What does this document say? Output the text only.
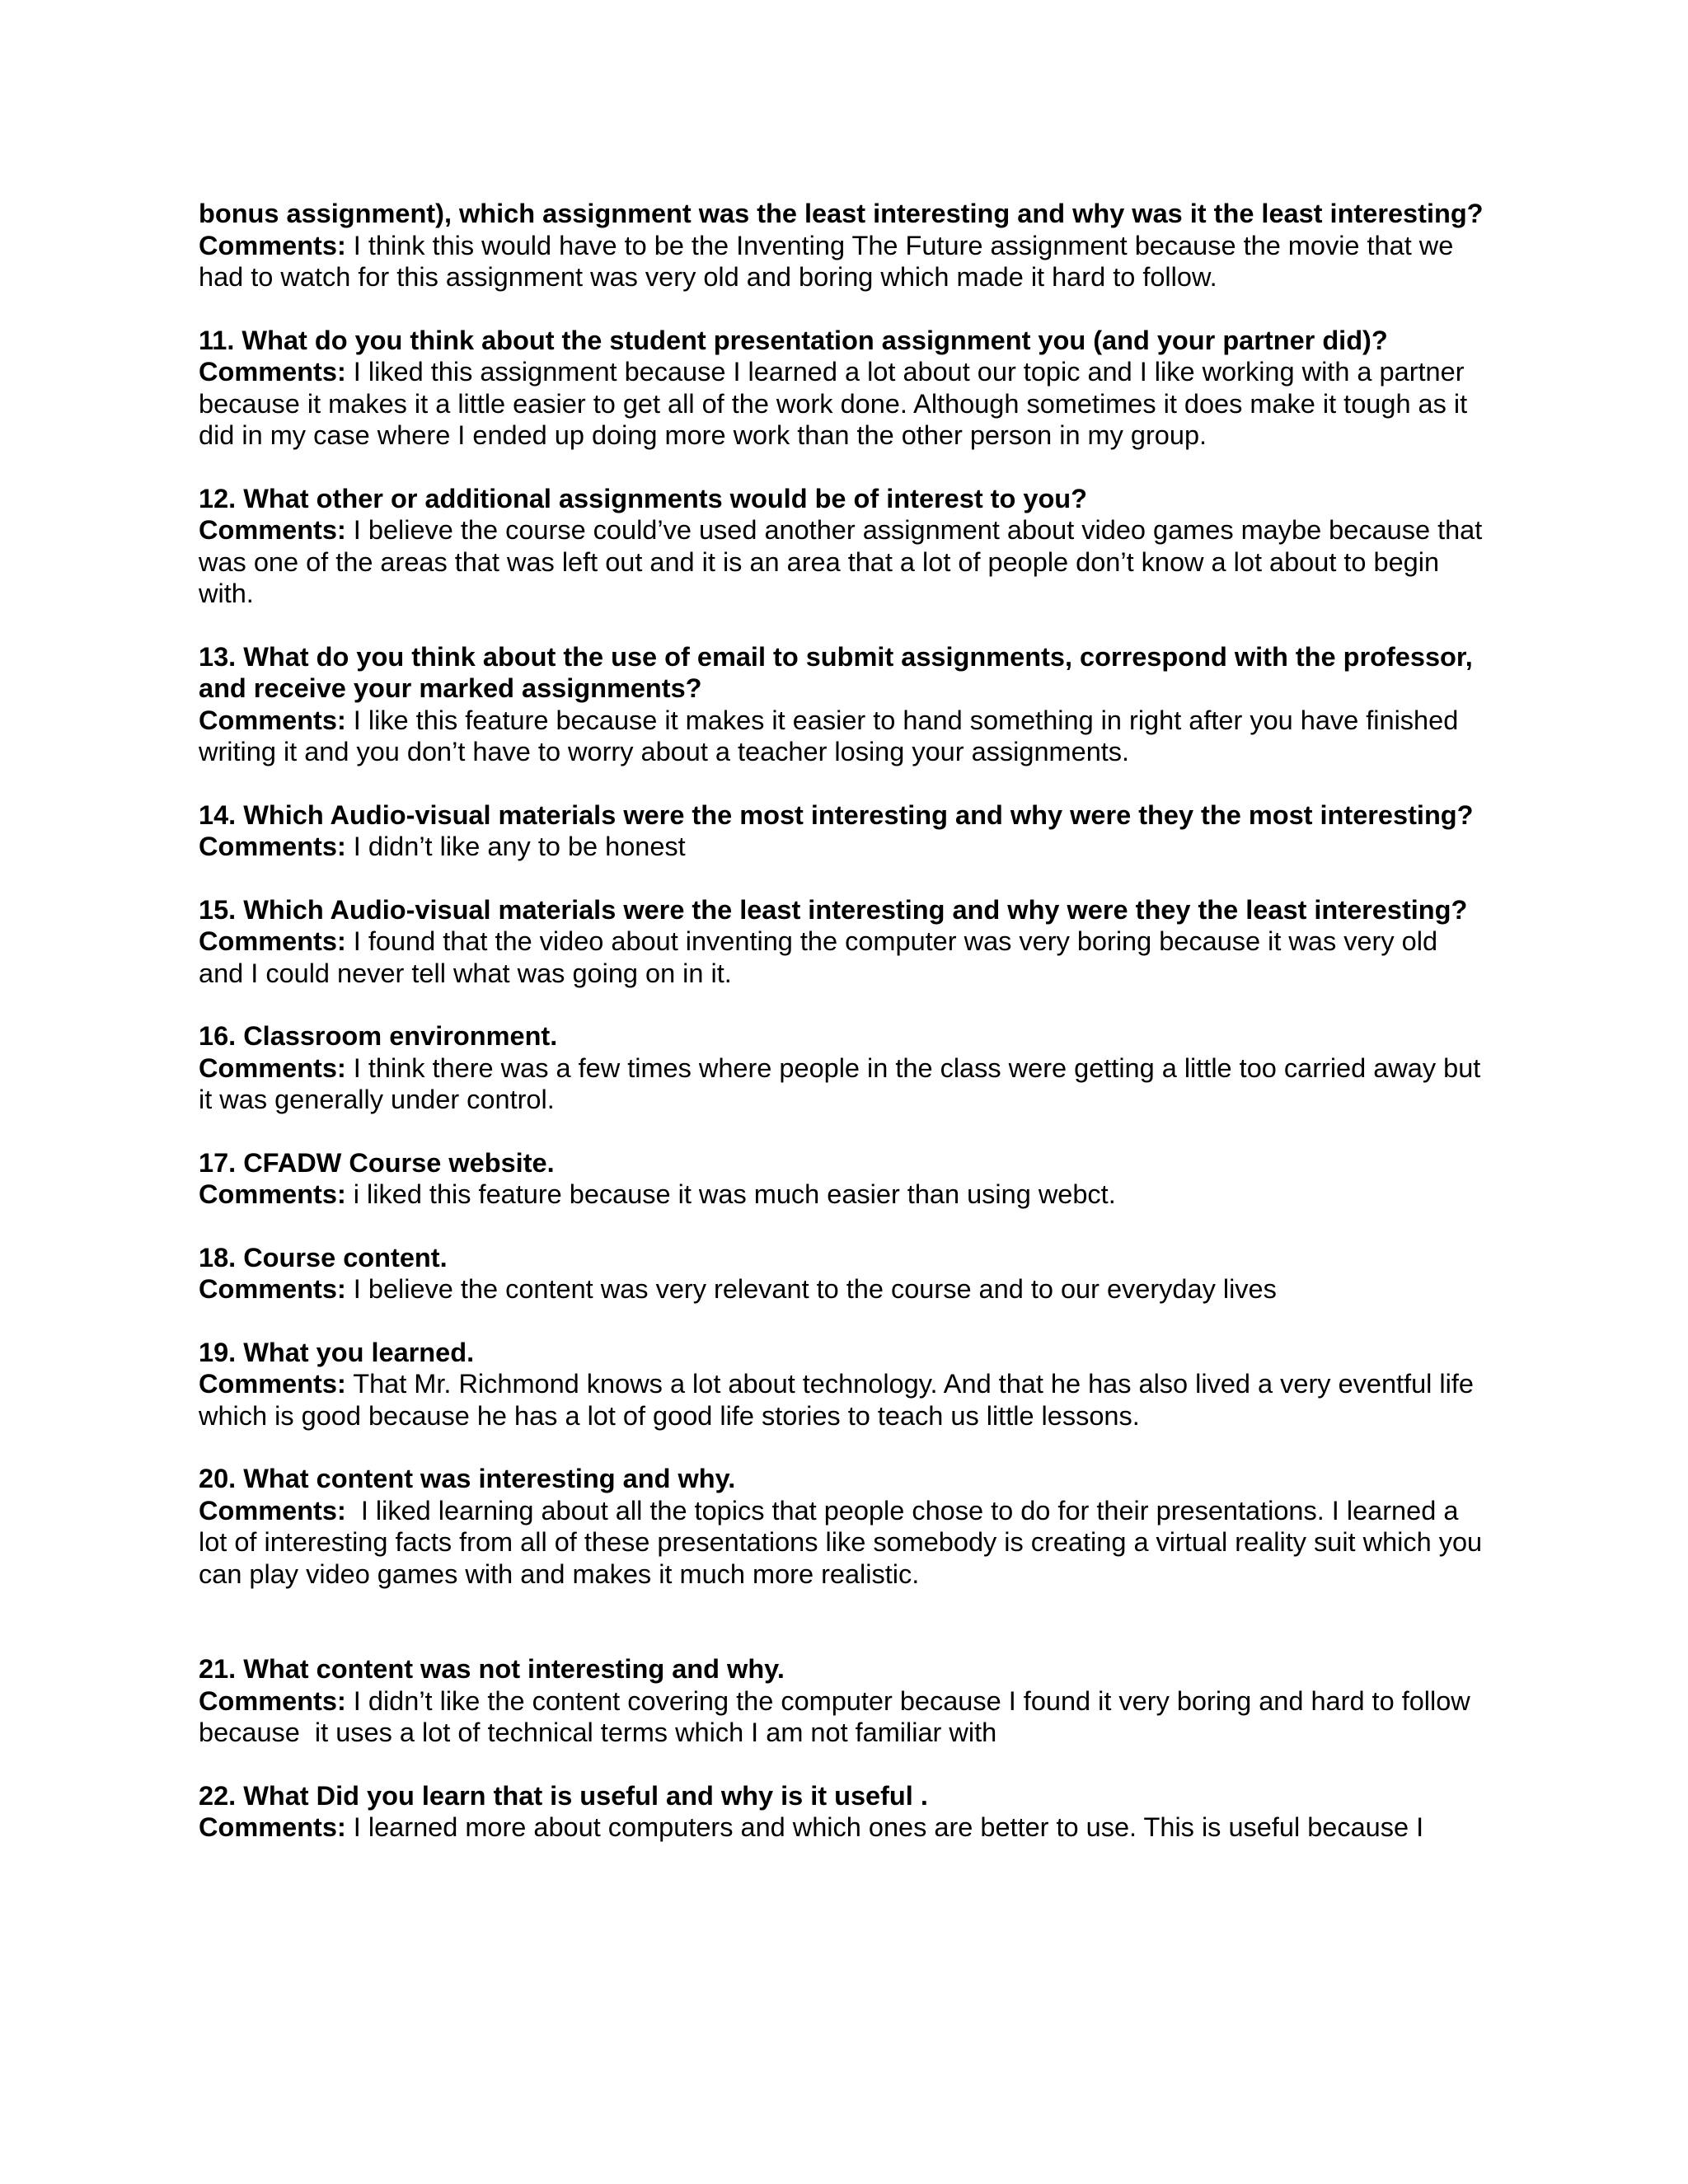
bonus assignment), which assignment was the least interesting and why was it the least interesting?

Comments: I think this would have to be the Inventing The Future assignment because the movie that we had to watch for this assignment was very old and boring which made it hard to follow.

11. What do you think about the student presentation assignment you (and your partner did)?

Comments: I liked this assignment because I learned a lot about our topic and I like working with a partner because it makes it a little easier to get all of the work done. Although sometimes it does make it tough as it did in my case where I ended up doing more work than the other person in my group.

12. What other or additional assignments would be of interest to you?

Comments: I believe the course could’ve used another assignment about video games maybe because that was one of the areas that was left out and it is an area that a lot of people don’t know a lot about to begin with.

13. What do you think about the use of email to submit assignments, correspond with the professor, and receive your marked assignments?

Comments: I like this feature because it makes it easier to hand something in right after you have finished writing it and you don’t have to worry about a teacher losing your assignments.

14. Which Audio-visual materials were the most interesting and why were they the most interesting?

Comments: I didn’t like any to be honest

15. Which Audio-visual materials were the least interesting and why were they the least interesting?

Comments: I found that the video about inventing the computer was very boring because it was very old and I could never tell what was going on in it.

16. Classroom environment.

Comments: I think there was a few times where people in the class were getting a little too carried away but it was generally under control.

17. CFADW Course website.

Comments: i liked this feature because it was much easier than using webct.

18. Course content.

Comments: I believe the content was very relevant to the course and to our everyday lives

19. What you learned.

Comments: That Mr. Richmond knows a lot about technology. And that he has also lived a very eventful life which is good because he has a lot of good life stories to teach us little lessons.

20. What content was interesting and why.

Comments:  I liked learning about all the topics that people chose to do for their presentations. I learned a lot of interesting facts from all of these presentations like somebody is creating a virtual reality suit which you can play video games with and makes it much more realistic.

21. What content was not interesting and why.

Comments: I didn’t like the content covering the computer because I found it very boring and hard to follow because  it uses a lot of technical terms which I am not familiar with

22. What Did you learn that is useful and why is it useful .

Comments: I learned more about computers and which ones are better to use. This is useful because I
